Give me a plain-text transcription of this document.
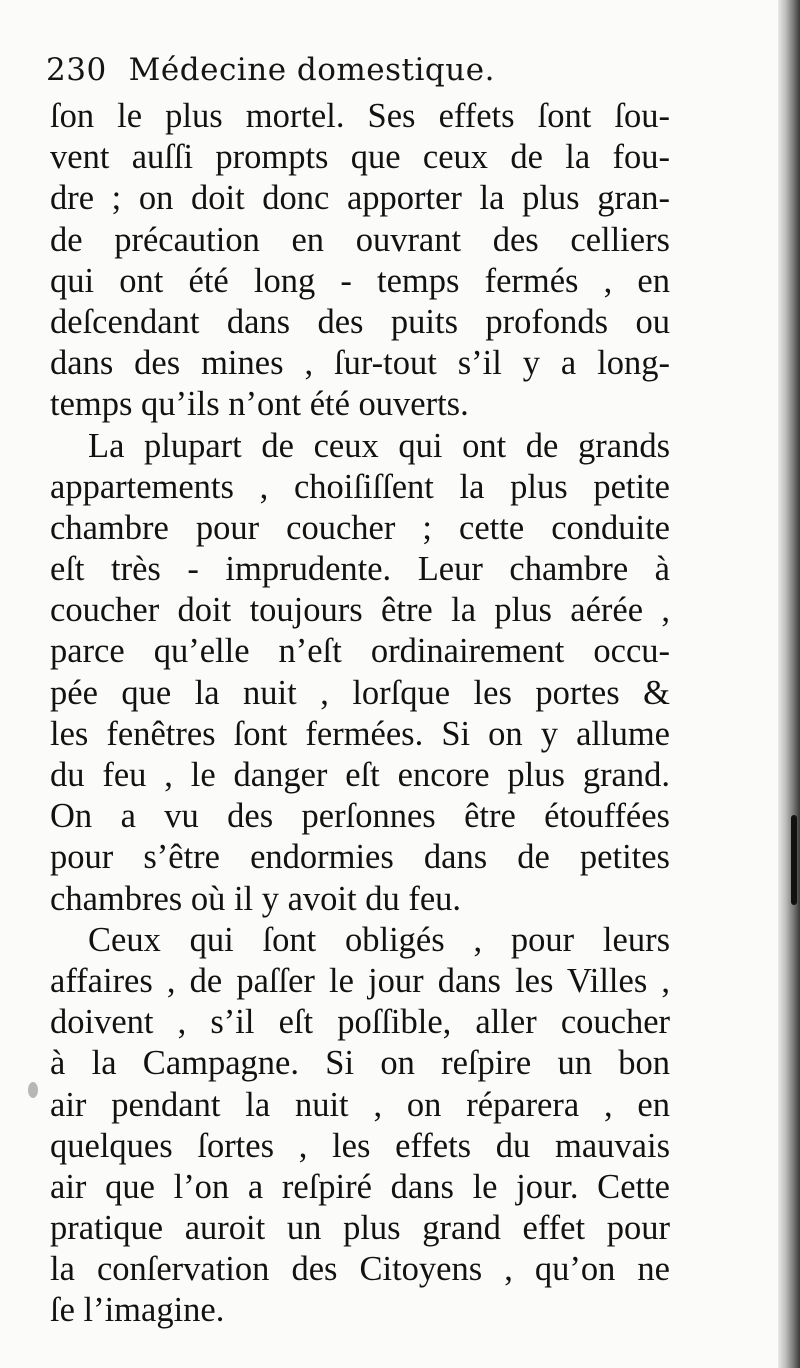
230 Médecine domestique.
ſon le plus mortel. Ses effets ſont ſou-
vent auſſi prompts que ceux de la fou-
dre ; on doit donc apporter la plus gran-
de précaution en ouvrant des celliers
qui ont été long - temps fermés , en
deſcendant dans des puits profonds ou
dans des mines , ſur-tout s’il y a long-
temps qu’ils n’ont été ouverts.
La plupart de ceux qui ont de grands
appartements , choiſiſſent la plus petite
chambre pour coucher ; cette conduite
eſt très - imprudente. Leur chambre à
coucher doit toujours être la plus aérée ,
parce qu’elle n’eſt ordinairement occu-
pée que la nuit , lorſque les portes &
les fenêtres ſont fermées. Si on y allume
du feu , le danger eſt encore plus grand.
On a vu des perſonnes être étouffées
pour s’être endormies dans de petites
chambres où il y avoit du feu.
Ceux qui ſont obligés , pour leurs
affaires , de paſſer le jour dans les Villes ,
doivent , s’il eſt poſſible, aller coucher
à la Campagne. Si on reſpire un bon
air pendant la nuit , on réparera , en
quelques ſortes , les effets du mauvais
air que l’on a reſpiré dans le jour. Cette
pratique auroit un plus grand effet pour
la conſervation des Citoyens , qu’on ne
ſe l’imagine.
